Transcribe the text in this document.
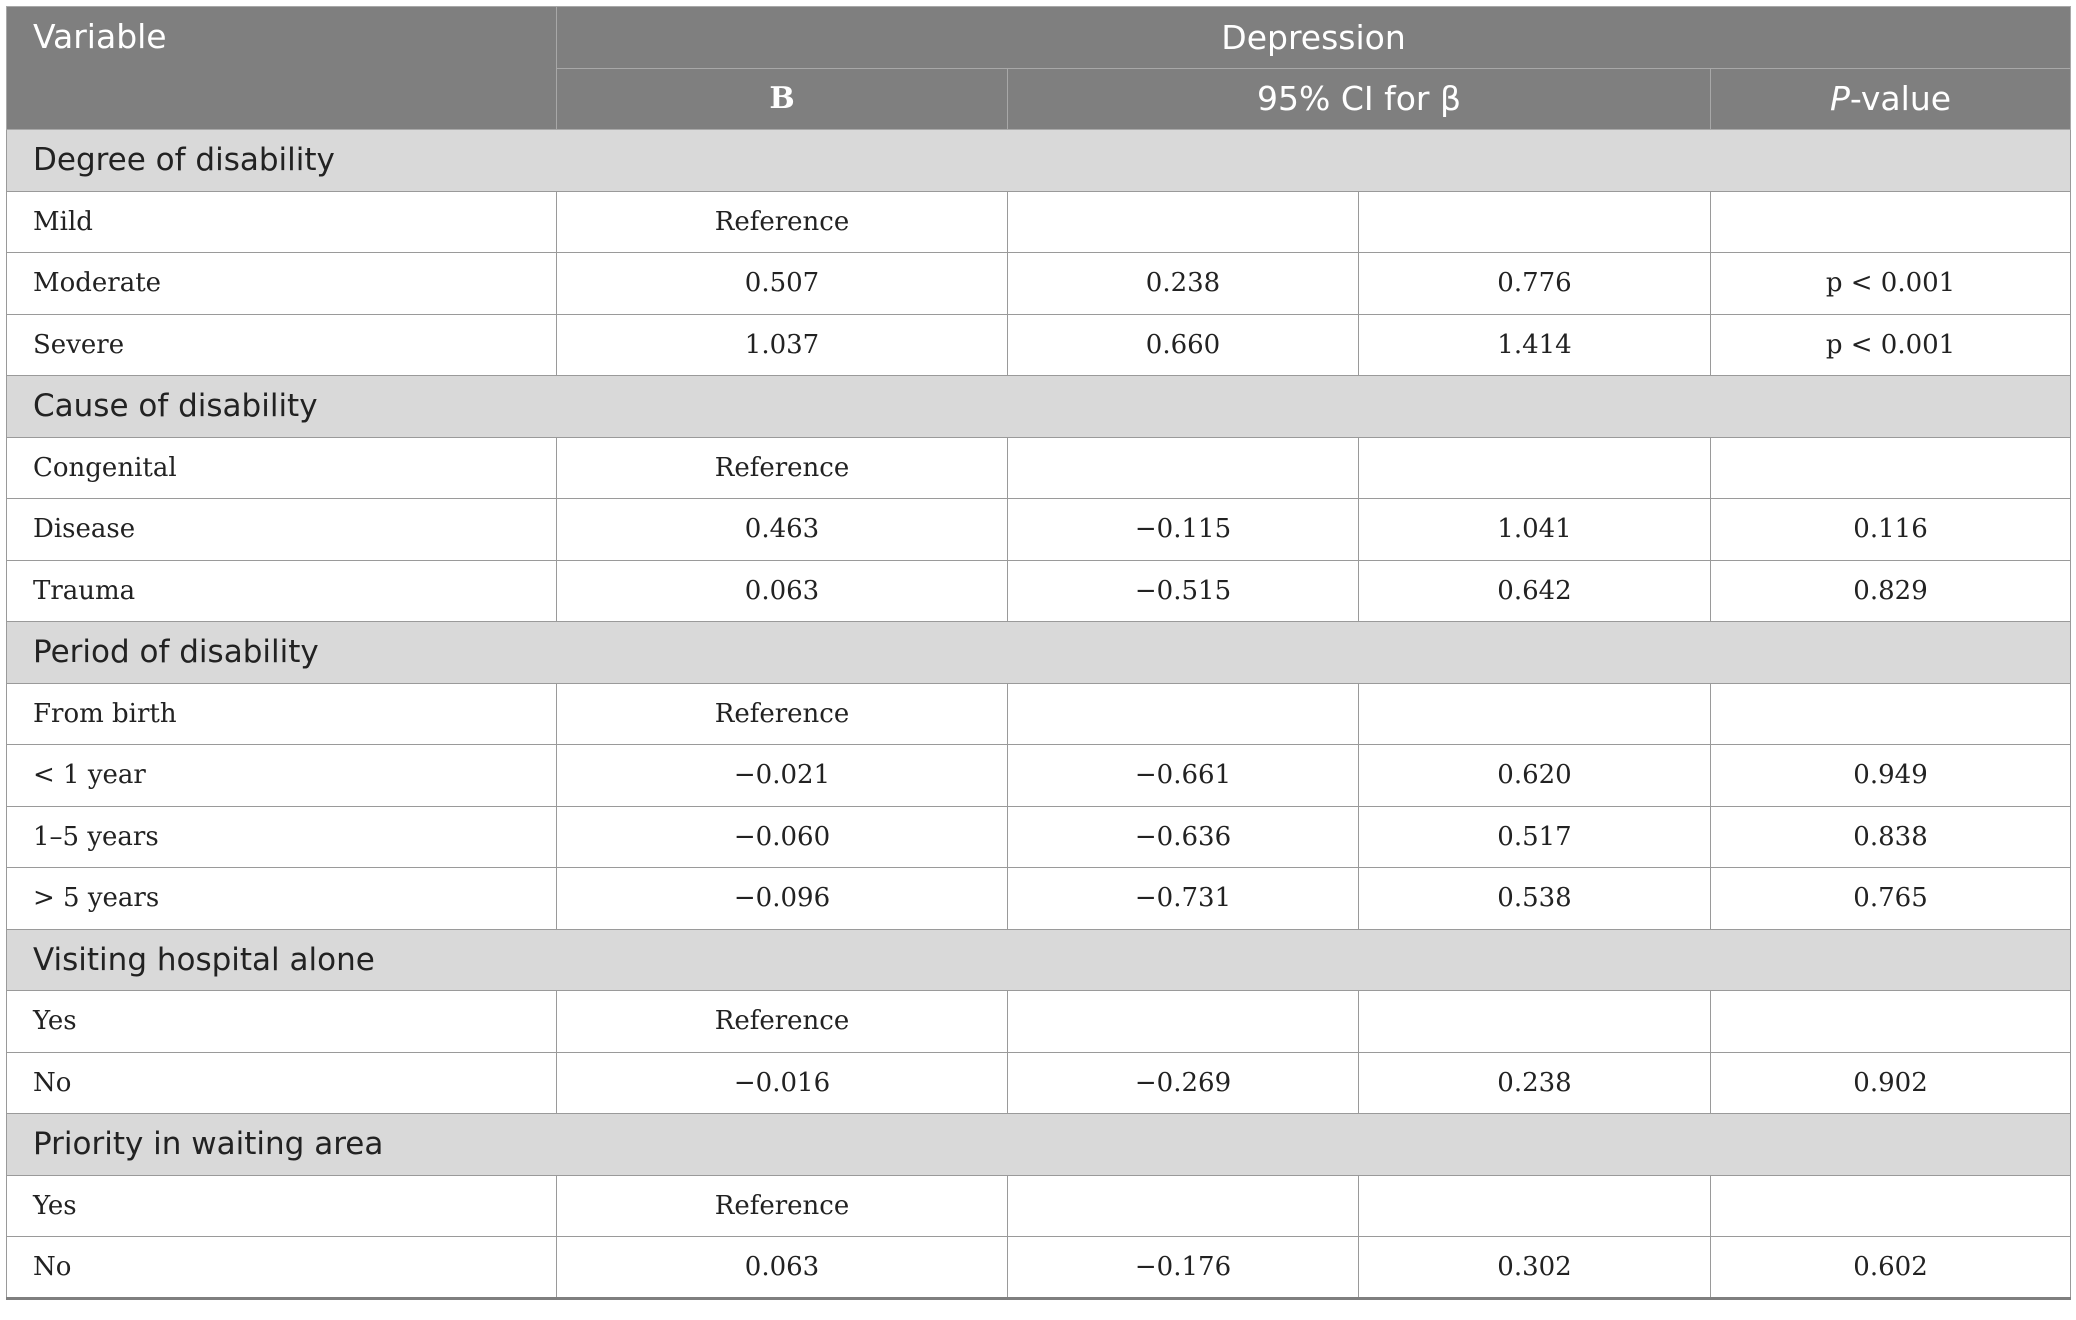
Variable	Depression			
	B	95% CI for β		P-value
Degree of disability				
Mild	Reference			
Moderate	0.507	0.238	0.776	p < 0.001
Severe	1.037	0.660	1.414	p < 0.001
Cause of disability				
Congenital	Reference			
Disease	0.463	−0.115	1.041	0.116
Trauma	0.063	−0.515	0.642	0.829
Period of disability				
From birth	Reference			
< 1 year	−0.021	−0.661	0.620	0.949
1–5 years	−0.060	−0.636	0.517	0.838
> 5 years	−0.096	−0.731	0.538	0.765
Visiting hospital alone				
Yes	Reference			
No	−0.016	−0.269	0.238	0.902
Priority in waiting area				
Yes	Reference			
No	0.063	−0.176	0.302	0.602
